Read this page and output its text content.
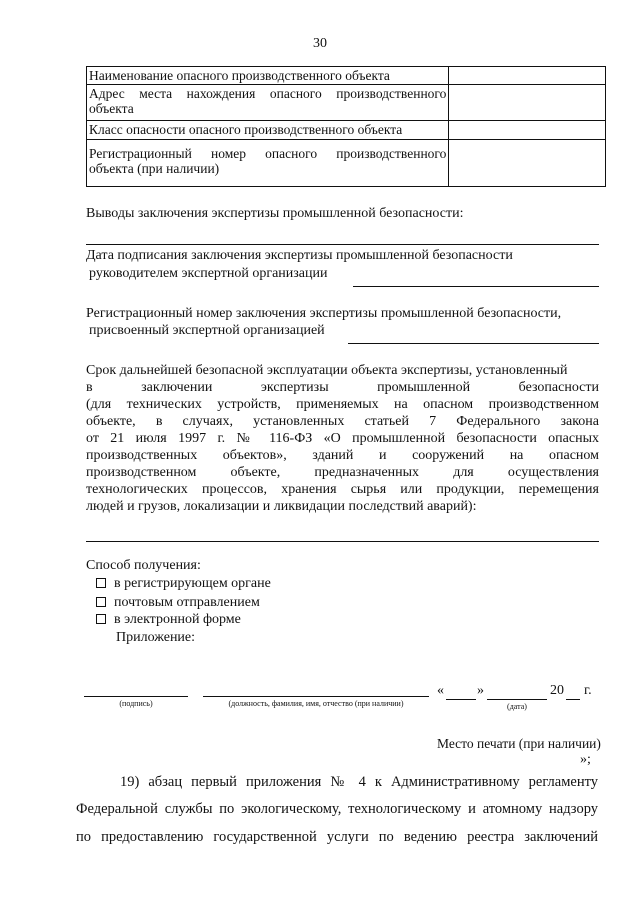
30
Наименование опасного производственного объекта	
Адрес места нахождения опасного производственного объекта	
Класс опасности опасного производственного объекта	
Регистрационный номер опасного производственного объекта (при наличии)	
Выводы заключения экспертизы промышленной безопасности:
Дата подписания заключения экспертизы промышленной безопасности
руководителем экспертной организации
Регистрационный номер заключения экспертизы промышленной безопасности,
присвоенный экспертной организацией
Срок дальнейшей безопасной эксплуатации объекта экспертизы, установленный
в заключении экспертизы промышленной безопасности
(для технических устройств, применяемых на опасном производственном
объекте, в случаях, установленных статьей 7 Федерального закона
от 21 июля 1997 г. № 116-ФЗ «О промышленной безопасности опасных
производственных объектов», зданий и сооружений на опасном
производственном объекте, предназначенных для осуществления
технологических процессов, хранения сырья или продукции, перемещения
людей и грузов, локализации и ликвидации последствий аварий):
Способ получения:
в регистрирующем органе
почтовым отправлением
в электронной форме
Приложение:
(подпись)	(должность, фамилия, имя, отчество (при наличии)
« »
(дата)
20 г.
Место печати (при наличии)
»;
19) абзац первый приложения № 4 к Административному регламенту
Федеральной службы по экологическому, технологическому и атомному надзору
по предоставлению государственной услуги по ведению реестра заключений
